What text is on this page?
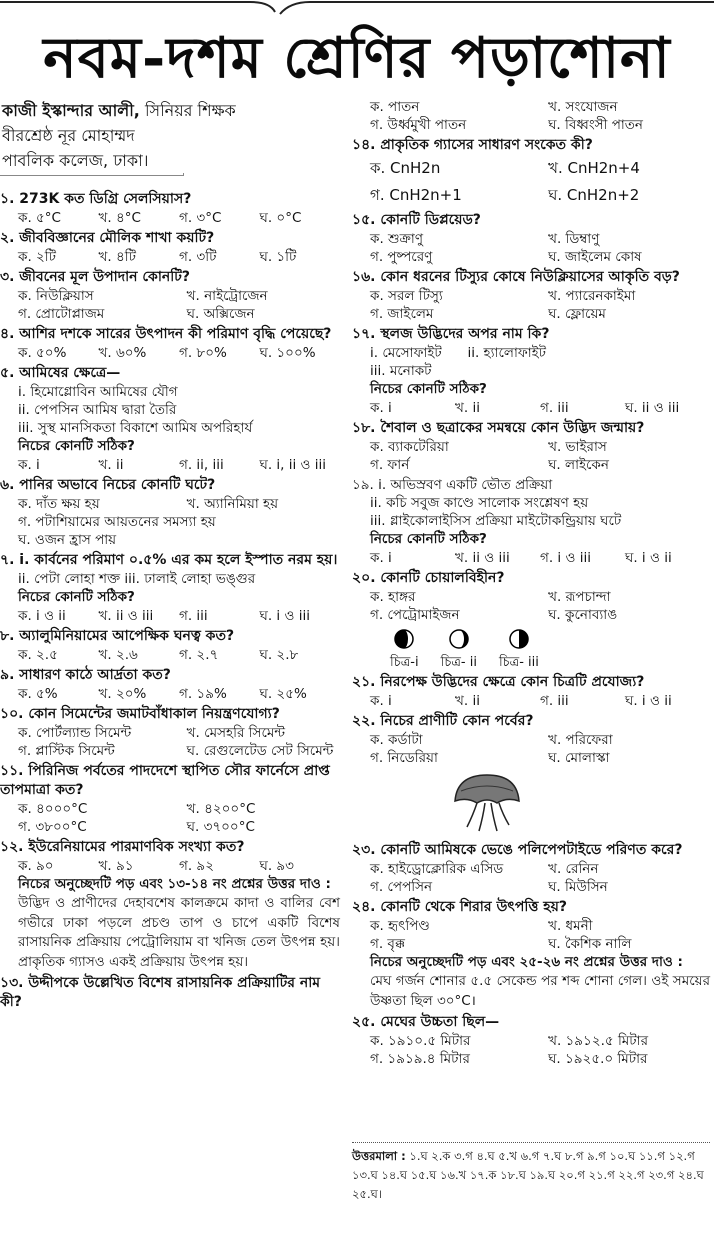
নবম-দশম শ্রেণির পড়াশোনা
কাজী ইস্কান্দার আলী, সিনিয়র শিক্ষক
বীরশ্রেষ্ঠ নূর মোহাম্মদ
পাবলিক কলেজ, ঢাকা।
১. 273K কত ডিগ্রি সেলসিয়াস?
ক. ৫°C	খ. ৪°C	গ. ৩°C	ঘ. ০°C
২. জীববিজ্ঞানের মৌলিক শাখা কয়টি?
ক. ২টি	খ. ৪টি	গ. ৩টি	ঘ. ১টি
৩. জীবনের মূল উপাদান কোনটি?
ক. নিউক্লিয়াস	খ. নাইট্রোজেন
গ. প্রোটোপ্লাজম	ঘ. অক্সিজেন
৪. আশির দশকে সারের উৎপাদন কী পরিমাণ বৃদ্ধি পেয়েছে?
ক. ৫০%	খ. ৬০%	গ. ৮০%	ঘ. ১০০%
৫. আমিষের ক্ষেত্রে—
i. হিমোগ্লোবিন আমিষের যৌগ
ii. পেপসিন আমিষ দ্বারা তৈরি
iii. সুস্থ মানসিকতা বিকাশে আমিষ অপরিহার্য
নিচের কোনটি সঠিক?
ক. i	খ. ii	গ. ii, iii	ঘ. i, ii ও iii
৬. পানির অভাবে নিচের কোনটি ঘটে?
ক. দাঁত ক্ষয় হয়	খ. অ্যানিমিয়া হয়
গ. পটাশিয়ামের আয়তনের সমস্যা হয়
ঘ. ওজন হ্রাস পায়
৭. i. কার্বনের পরিমাণ ০.৫% এর কম হলে ইস্পাত নরম হয়।
ii. পেটা লোহা শক্ত iii. ঢালাই লোহা ভঙ্গুর
নিচের কোনটি সঠিক?
ক. i ও ii	খ. ii ও iii	গ. iii	ঘ. i ও iii
৮. অ্যালুমিনিয়ামের আপেক্ষিক ঘনত্ব কত?
ক. ২.৫	খ. ২.৬	গ. ২.৭	ঘ. ২.৮
৯. সাধারণ কাঠে আর্দ্রতা কত?
ক. ৫%	খ. ২০%	গ. ১৯%	ঘ. ২৫%
১০. কোন সিমেন্টের জমাটবাঁধাকাল নিয়ন্ত্রণযোগ্য?
ক. পোর্টল্যান্ড সিমেন্ট	খ. মেসহরি সিমেন্ট
গ. প্লাস্টিক সিমেন্ট	ঘ. রেগুলেটেড সেট সিমেন্ট
১১. পিরিনিজ পর্বতের পাদদেশে স্থাপিত সৌর ফার্নেসে প্রাপ্ত তাপমাত্রা কত?
ক. ৪০০০°C	খ. ৪২০০°C
গ. ৩৮০০°C	ঘ. ৩৭০০°C
১২. ইউরেনিয়ামের পারমাণবিক সংখ্যা কত?
ক. ৯০	খ. ৯১	গ. ৯২	ঘ. ৯৩
নিচের অনুচ্ছেদটি পড় এবং ১৩-১৪ নং প্রশ্নের উত্তর দাও :
উদ্ভিদ ও প্রাণীদের দেহাবশেষ কালক্রমে কাদা ও বালির বেশ গভীরে ঢাকা পড়লে প্রচণ্ড তাপ ও চাপে একটি বিশেষ রাসায়নিক প্রক্রিয়ায় পেট্রোলিয়াম বা খনিজ তেল উৎপন্ন হয়। প্রাকৃতিক গ্যাসও একই প্রক্রিয়ায় উৎপন্ন হয়।
১৩. উদ্দীপকে উল্লেখিত বিশেষ রাসায়নিক প্রক্রিয়াটির নাম কী?
ক. পাতন	খ. সংযোজন
গ. উর্ধ্বমুখী পাতন	ঘ. বিধ্বংসী পাতন
১৪. প্রাকৃতিক গ্যাসের সাধারণ সংকেত কী?
ক. CnH2n	খ. CnH2n+4
গ. CnH2n+1	ঘ. CnH2n+2
১৫. কোনটি ডিপ্লয়েড?
ক. শুক্রাণু	খ. ডিম্বাণু
গ. পুষ্পরেণু	ঘ. জাইলেম কোষ
১৬. কোন ধরনের টিস্যুর কোষে নিউক্লিয়াসের আকৃতি বড়?
ক. সরল টিস্যু	খ. প্যারেনকাইমা
গ. জাইলেম	ঘ. ফ্লোয়েম
১৭. স্থলজ উদ্ভিদের অপর নাম কি?
i. মেসোফাইট      ii. হ্যালোফাইট
iii. মনোকট
নিচের কোনটি সঠিক?
ক. i	খ. ii	গ. iii	ঘ. ii ও iii
১৮. শৈবাল ও ছত্রাকের সমন্বয়ে কোন উদ্ভিদ জন্মায়?
ক. ব্যাকটেরিয়া	খ. ভাইরাস
গ. ফার্ন	ঘ. লাইকেন
১৯. i. অভিস্রবণ একটি ভৌত প্রক্রিয়া
ii. কচি সবুজ কাণ্ডে সালোক সংশ্লেষণ হয়
iii. গ্লাইকোলাইসিস প্রক্রিয়া মাইটোকন্ড্রিয়ায় ঘটে
নিচের কোনটি সঠিক?
ক. i	খ. ii ও iii	গ. i ও iii	ঘ. i ও ii
২০. কোনটি চোয়ালবিহীন?
ক. হাঙ্গর	খ. রূপচান্দা
গ. পেট্রোমাইজন	ঘ. কুনোব্যাঙ
চিত্র-i চিত্র- ii চিত্র- iii
২১. নিরপেক্ষ উদ্ভিদের ক্ষেত্রে কোন চিত্রটি প্রযোজ্য?
ক. i	খ. ii	গ. iii	ঘ. i ও ii
২২. নিচের প্রাণীটি কোন পর্বের?
ক. কর্ডাটা	খ. পরিফেরা
গ. নিডেরিয়া	ঘ. মোলাস্কা
২৩. কোনটি আমিষকে ভেঙে পলিপেপটাইডে পরিণত করে?
ক. হাইড্রোক্লোরিক এসিড	খ. রেনিন
গ. পেপসিন	ঘ. মিউসিন
২৪. কোনটি থেকে শিরার উৎপত্তি হয়?
ক. হৃৎপিণ্ড	খ. ধমনী
গ. বৃক্ক	ঘ. কৈশিক নালি
নিচের অনুচ্ছেদটি পড় এবং ২৫-২৬ নং প্রশ্নের উত্তর দাও :
মেঘ গর্জন শোনার ৫.৫ সেকেন্ড পর শব্দ শোনা গেল। ওই সময়ের উষ্ণতা ছিল ৩০°C।
২৫. মেঘের উচ্চতা ছিল—
ক. ১৯১০.৫ মিটার	খ. ১৯১২.৫ মিটার
গ. ১৯১৯.৪ মিটার	ঘ. ১৯২৫.০ মিটার
উত্তরমালা : ১.ঘ ২.ক ৩.গ ৪.ঘ ৫.খ ৬.গ ৭.ঘ ৮.গ ৯.গ ১০.ঘ ১১.গ ১২.গ ১৩.ঘ ১৪.ঘ ১৫.ঘ ১৬.খ ১৭.ক ১৮.ঘ ১৯.ঘ ২০.গ ২১.গ ২২.গ ২৩.গ ২৪.ঘ ২৫.ঘ।
